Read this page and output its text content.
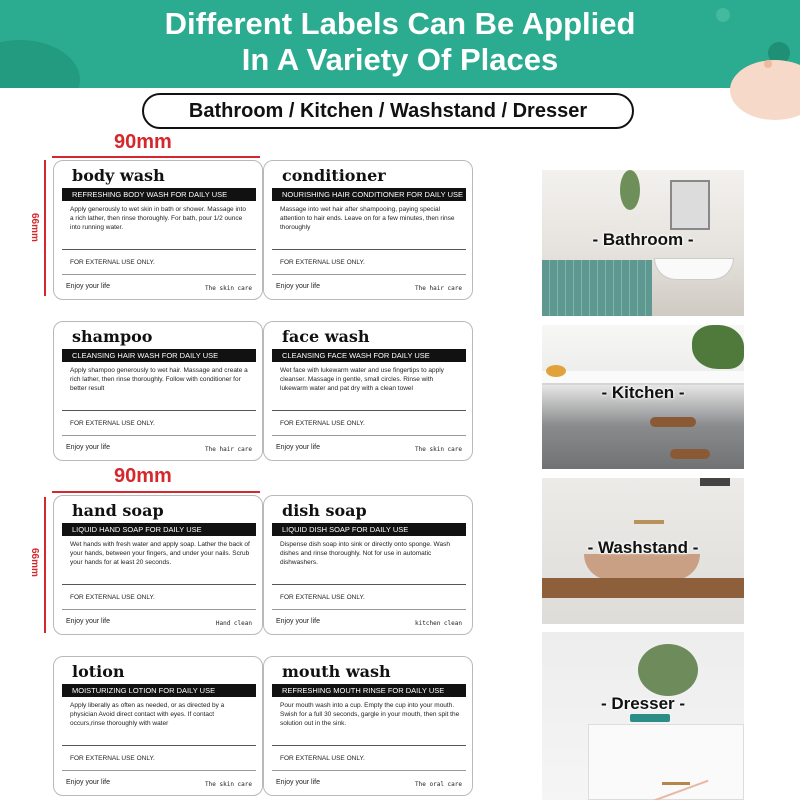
Different Labels Can Be Applied
In A Variety Of Places
Bathroom / Kitchen / Washstand / Dresser
90mm
66mm
90mm
66mm
body wash
REFRESHING BODY WASH FOR DAILY USE
Apply generously to wet skin in bath or shower. Massage into a rich lather, then rinse thoroughly. For bath, pour 1/2 ounce into running water.
FOR EXTERNAL USE ONLY.
Enjoy your life	The skin care
conditioner
NOURISHING HAIR CONDITIONER FOR DAILY USE
Massage into wet hair after shampooing, paying special attention to hair ends. Leave on for a few minutes, then rinse thoroughly
FOR EXTERNAL USE ONLY.
Enjoy your life	The hair care
shampoo
CLEANSING HAIR WASH FOR DAILY USE
Apply shampoo generously to wet hair. Massage and create a rich lather, then rinse thoroughly. Follow with conditioner for better result
FOR EXTERNAL USE ONLY.
Enjoy your life	The hair care
face wash
CLEANSING FACE WASH FOR DAILY USE
Wet face with lukewarm water and use fingertips to apply cleanser. Massage in gentle, small circles. Rinse with lukewarm water and pat dry with a clean towel
FOR EXTERNAL USE ONLY.
Enjoy your life	The skin care
hand soap
LIQUID HAND SOAP FOR DAILY USE
Wet hands with fresh water and apply soap. Lather the back of your hands, between your fingers, and under your nails. Scrub your hands for at least 20 seconds.
FOR EXTERNAL USE ONLY.
Enjoy your life	Hand clean
dish soap
LIQUID DISH SOAP FOR DAILY USE
Dispense dish soap into sink or directly onto sponge. Wash dishes and rinse thoroughly. Not for use in automatic dishwashers.
FOR EXTERNAL USE ONLY.
Enjoy your life	kitchen clean
lotion
MOISTURIZING LOTION FOR DAILY USE
Apply liberally as often as needed, or as directed by a physician Avoid direct contact with eyes. If contact occurs,rinse thoroughly with water
FOR EXTERNAL USE ONLY.
Enjoy your life	The skin care
mouth wash
REFRESHING MOUTH RINSE FOR DAILY USE
Pour mouth wash into a cup. Empty the cup into your mouth. Swish for a full 30 seconds, gargle in your mouth, then spit the solution out in the sink.
FOR EXTERNAL USE ONLY.
Enjoy your life	The oral care
- Bathroom -
- Kitchen -
- Washstand -
- Dresser -
